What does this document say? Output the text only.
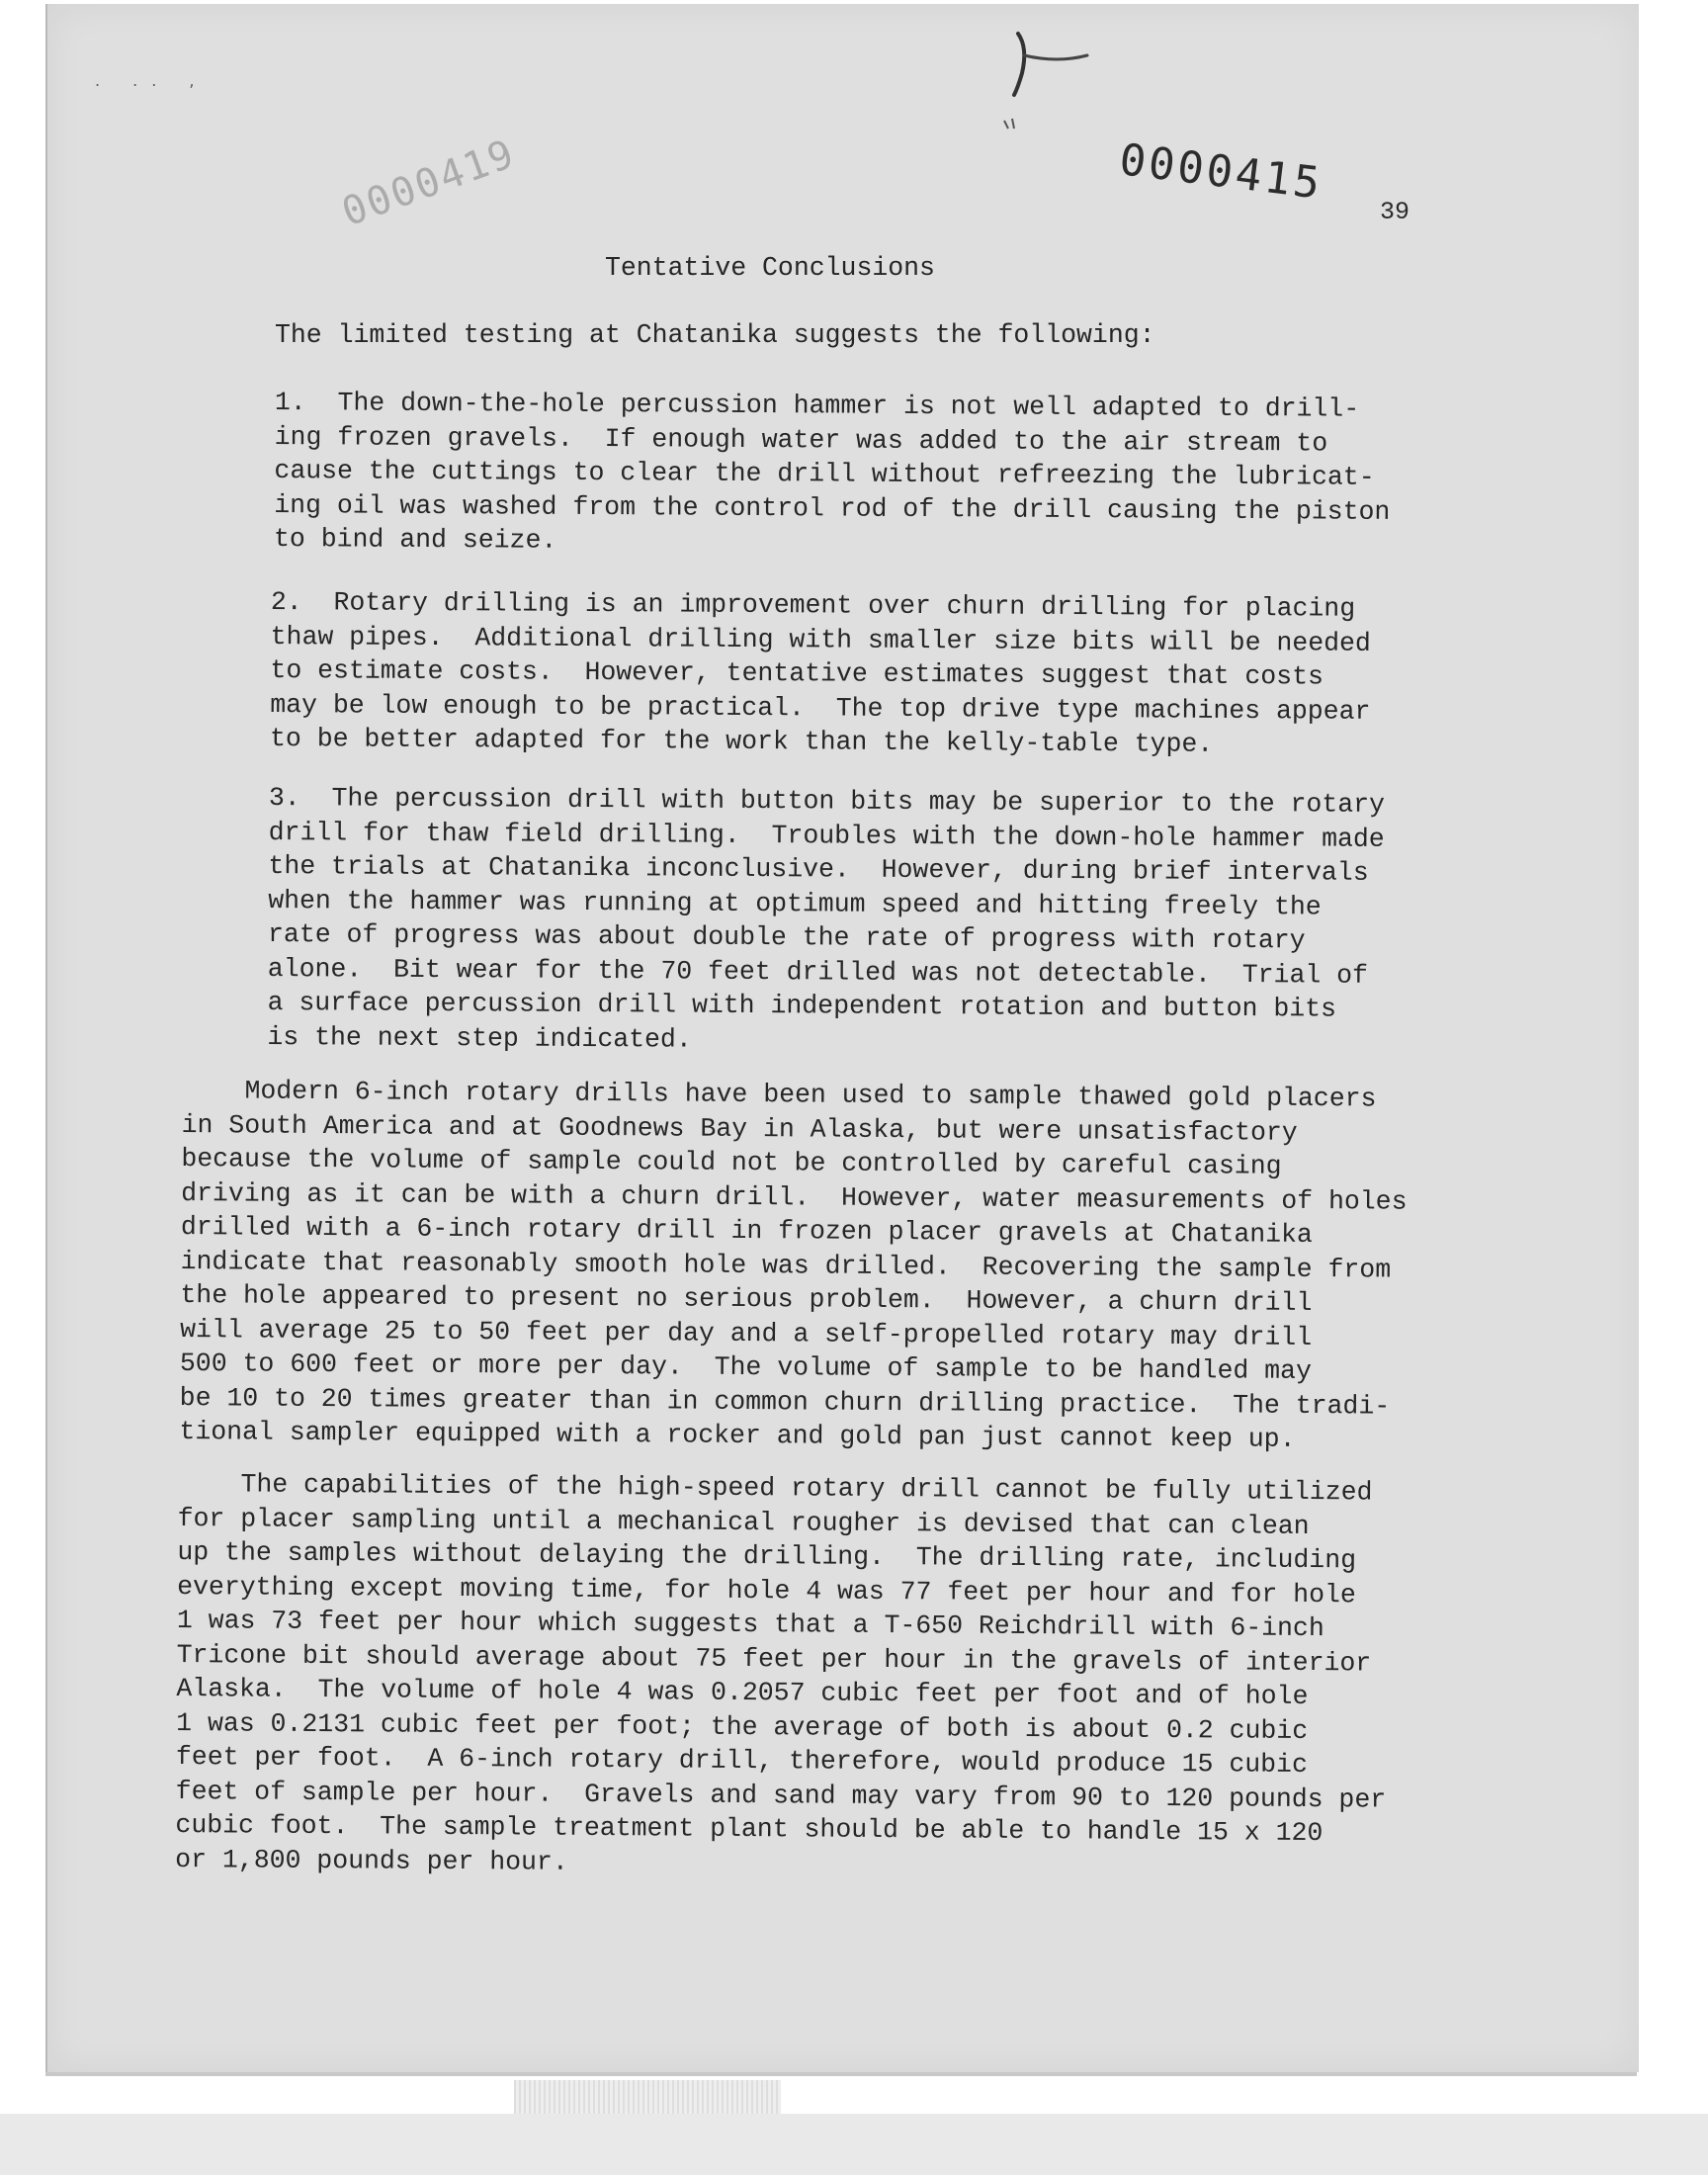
. .. ,
0000415
0000419	39
Tentative Conclusions
The limited testing at Chatanika suggests the following:
1.  The down-the-hole percussion hammer is not well adapted to drill-
ing frozen gravels.  If enough water was added to the air stream to
cause the cuttings to clear the drill without refreezing the lubricat-
ing oil was washed from the control rod of the drill causing the piston
to bind and seize.
2.  Rotary drilling is an improvement over churn drilling for placing
thaw pipes.  Additional drilling with smaller size bits will be needed
to estimate costs.  However, tentative estimates suggest that costs
may be low enough to be practical.  The top drive type machines appear
to be better adapted for the work than the kelly-table type.
3.  The percussion drill with button bits may be superior to the rotary
drill for thaw field drilling.  Troubles with the down-hole hammer made
the trials at Chatanika inconclusive.  However, during brief intervals
when the hammer was running at optimum speed and hitting freely the
rate of progress was about double the rate of progress with rotary
alone.  Bit wear for the 70 feet drilled was not detectable.  Trial of
a surface percussion drill with independent rotation and button bits
is the next step indicated.
Modern 6-inch rotary drills have been used to sample thawed gold placers
in South America and at Goodnews Bay in Alaska, but were unsatisfactory
because the volume of sample could not be controlled by careful casing
driving as it can be with a churn drill.  However, water measurements of holes
drilled with a 6-inch rotary drill in frozen placer gravels at Chatanika
indicate that reasonably smooth hole was drilled.  Recovering the sample from
the hole appeared to present no serious problem.  However, a churn drill
will average 25 to 50 feet per day and a self-propelled rotary may drill
500 to 600 feet or more per day.  The volume of sample to be handled may
be 10 to 20 times greater than in common churn drilling practice.  The tradi-
tional sampler equipped with a rocker and gold pan just cannot keep up.
The capabilities of the high-speed rotary drill cannot be fully utilized
for placer sampling until a mechanical rougher is devised that can clean
up the samples without delaying the drilling.  The drilling rate, including
everything except moving time, for hole 4 was 77 feet per hour and for hole
1 was 73 feet per hour which suggests that a T-650 Reichdrill with 6-inch
Tricone bit should average about 75 feet per hour in the gravels of interior
Alaska.  The volume of hole 4 was 0.2057 cubic feet per foot and of hole
1 was 0.2131 cubic feet per foot; the average of both is about 0.2 cubic
feet per foot.  A 6-inch rotary drill, therefore, would produce 15 cubic
feet of sample per hour.  Gravels and sand may vary from 90 to 120 pounds per
cubic foot.  The sample treatment plant should be able to handle 15 x 120
or 1,800 pounds per hour.
